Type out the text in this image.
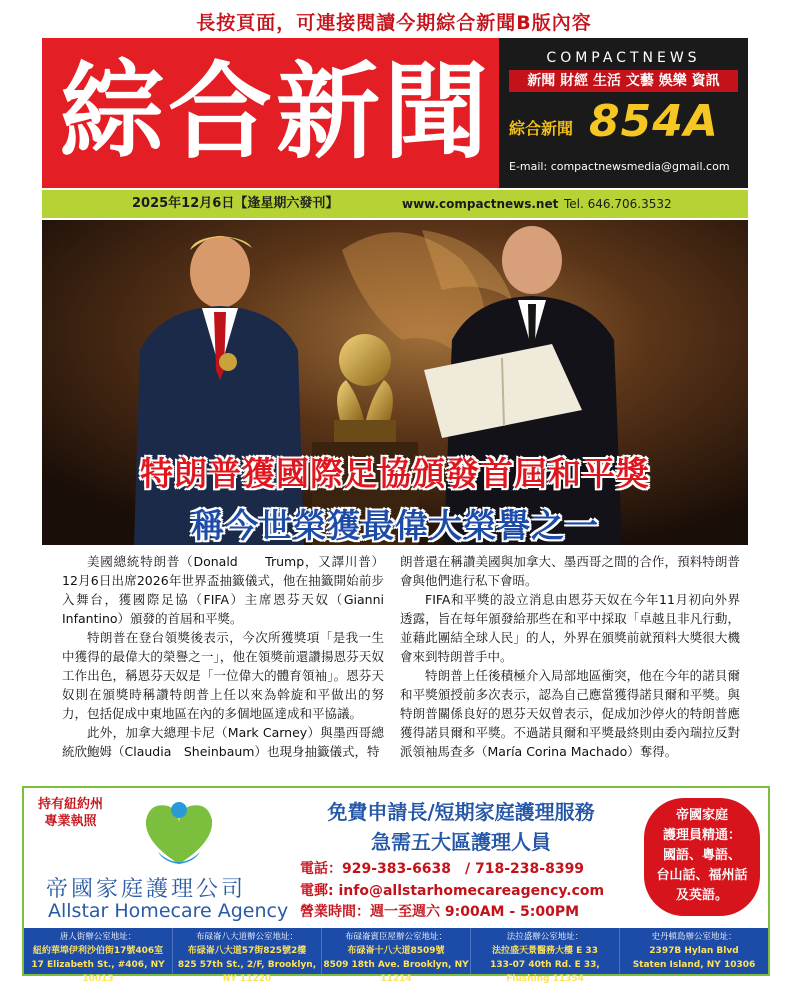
長按頁面，可連接閱讀今期綜合新聞B版內容
綜合新聞	COMPACTNEWS
新聞 財經 生活 文藝 娛樂 資訊
綜合新聞 854A
E-mail: compactnewsmedia@gmail.com
2025年12月6日【逢星期六發刊】	www.compactnews.net Tel. 646.706.3532
特朗普獲國際足協頒發首屆和平獎
稱今世榮獲最偉大榮譽之一

美國總統特朗普（Donald　　Trump，又譯川普）12月6日出席2026年世界盃抽籤儀式，他在抽籤開始前步入舞台，獲國際足協（FIFA）主席恩芬天奴（Gianni Infantino）頒發的首屆和平獎。

特朗普在登台領獎後表示，今次所獲獎項「是我一生中獲得的最偉大的榮譽之一」，他在領獎前還讚揚恩芬天奴工作出色，稱恩芬天奴是「一位偉大的體育領袖」。恩芬天奴則在頒獎時稱讚特朗普上任以來為斡旋和平做出的努力，包括促成中東地區在內的多個地區達成和平協議。

此外，加拿大總理卡尼（Mark Carney）與墨西哥總統欣鮑姆（Claudia　Sheinbaum）也現身抽籤儀式，特

朗普還在稱讚美國與加拿大、墨西哥之間的合作，預料特朗普會與他們進行私下會晤。

FIFA和平獎的設立消息由恩芬天奴在今年11月初向外界透露，旨在每年頒發給那些在和平中採取「卓越且非凡行動，並藉此團結全球人民」的人，外界在頒獎前就預料大獎很大機會來到特朗普手中。

特朗普上任後積極介入局部地區衝突，他在今年的諾貝爾和平獎頒授前多次表示，認為自己應當獲得諾貝爾和平獎。與特朗普關係良好的恩芬天奴曾表示，促成加沙停火的特朗普應獲得諾貝爾和平獎。不過諾貝爾和平獎最終則由委內瑞拉反對派領袖馬查多（María Corina Machado）奪得。

持有紐約州
專業執照
帝國家庭護理公司
Allstar Homecare Agency
免費申請長/短期家庭護理服務
急需五大區護理人員
電話：929-383-6638　/ 718-238-8399
電郵: info@allstarhomecareagency.com
營業時間：週一至週六 9:00AM - 5:00PM
帝國家庭
護理員精通：
國語、粵語、
台山話、福州話
及英語。
唐人街辦公室地址：
紐約華埠伊利沙伯街17號406室
17 Elizabeth St., #406, NY 10013
布碌崙八大道辦公室地址：
布碌崙八大道57街825號2樓
825 57th St., 2/F, Brooklyn, NY 11220
布碌崙賓臣屋辦公室地址：
布碌崙十八大道8509號
8509 18th Ave. Brooklyn, NY 11214
法拉盛辦公室地址：
法拉盛天景醫務大樓 E 33
133-07 40th Rd. E 33, Flushing 11354
史丹頓島辦公室地址：
2397B Hylan Blvd
Staten Island, NY 10306
